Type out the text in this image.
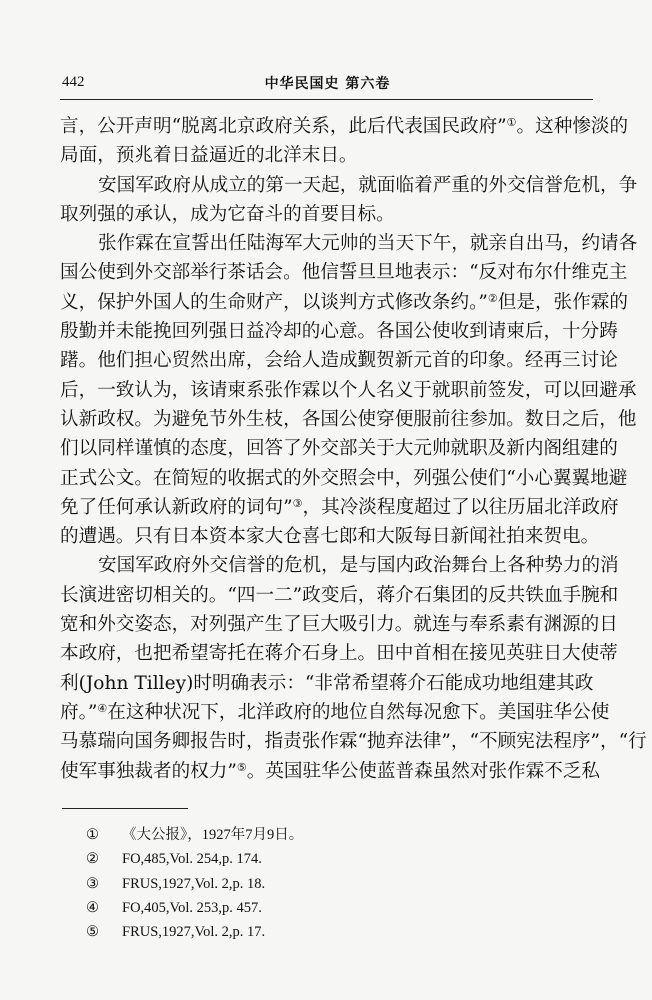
442	中华民国史 第六卷
言，公开声明“脱离北京政府关系，此后代表国民政府”①。这种惨淡的
局面，预兆着日益逼近的北洋末日。
安国军政府从成立的第一天起，就面临着严重的外交信誉危机，争
取列强的承认，成为它奋斗的首要目标。
张作霖在宣誓出任陆海军大元帅的当天下午，就亲自出马，约请各
国公使到外交部举行茶话会。他信誓旦旦地表示：“反对布尔什维克主
义，保护外国人的生命财产，以谈判方式修改条约。”②但是，张作霖的
殷勤并未能挽回列强日益冷却的心意。各国公使收到请柬后，十分踌
躇。他们担心贸然出席，会给人造成觐贺新元首的印象。经再三讨论
后，一致认为，该请柬系张作霖以个人名义于就职前签发，可以回避承
认新政权。为避免节外生枝，各国公使穿便服前往参加。数日之后，他
们以同样谨慎的态度，回答了外交部关于大元帅就职及新内阁组建的
正式公文。在简短的收据式的外交照会中，列强公使们“小心翼翼地避
免了任何承认新政府的词句”③，其冷淡程度超过了以往历届北洋政府
的遭遇。只有日本资本家大仓喜七郎和大阪每日新闻社拍来贺电。
安国军政府外交信誉的危机，是与国内政治舞台上各种势力的消
长演进密切相关的。“四一二”政变后，蒋介石集团的反共铁血手腕和
宽和外交姿态，对列强产生了巨大吸引力。就连与奉系素有渊源的日
本政府，也把希望寄托在蒋介石身上。田中首相在接见英驻日大使蒂
利(John Tilley)时明确表示：“非常希望蒋介石能成功地组建其政
府。”④在这种状况下，北洋政府的地位自然每况愈下。美国驻华公使
马慕瑞向国务卿报告时，指责张作霖“抛弃法律”，“不顾宪法程序”，“行
使军事独裁者的权力”⑤。英国驻华公使蓝普森虽然对张作霖不乏私
① 《大公报》，1927年7月9日。
② FO,485,Vol. 254,p. 174.
③ FRUS,1927,Vol. 2,p. 18.
④ FO,405,Vol. 253,p. 457.
⑤ FRUS,1927,Vol. 2,p. 17.
